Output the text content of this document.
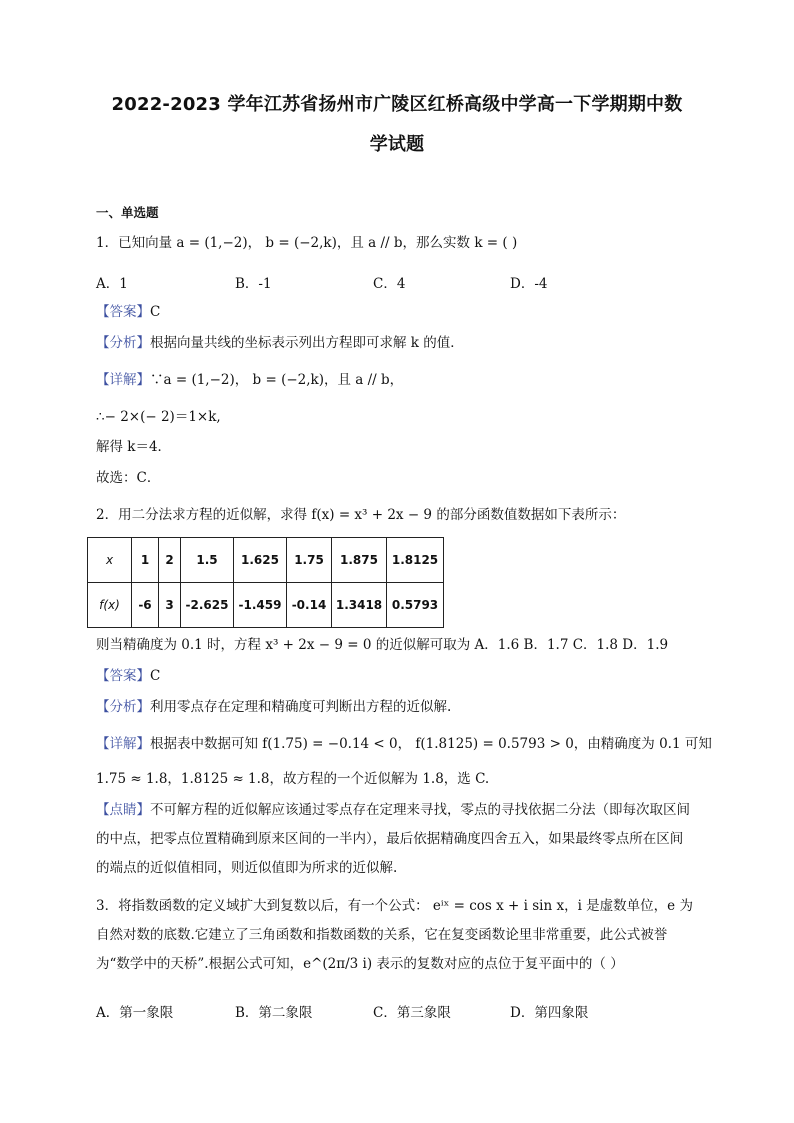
2022-2023 学年江苏省扬州市广陵区红桥高级中学高一下学期期中数
学试题
一、单选题
1．已知向量 a = (1,−2)， b = (−2,k)，且 a // b，那么实数 k = ( )
A．1	B．-1	C．4	D．-4
【答案】C
【分析】根据向量共线的坐标表示列出方程即可求解 k 的值．
【详解】∵a = (1,−2)， b = (−2,k)，且 a // b，
∴− 2×(− 2)＝1×k,
解得 k＝4．
故选：C．
2．用二分法求方程的近似解，求得 f(x) = x³ + 2x − 9 的部分函数值数据如下表所示：
x	1	2	1.5	1.625	1.75	1.875	1.8125
f(x)	-6	3	-2.625	-1.459	-0.14	1.3418	0.5793
则当精确度为 0.1 时，方程 x³ + 2x − 9 = 0 的近似解可取为 A．1.6 B．1.7 C．1.8 D．1.9
【答案】C
【分析】利用零点存在定理和精确度可判断出方程的近似解.
【详解】根据表中数据可知 f(1.75) = −0.14 < 0， f(1.8125) = 0.5793 > 0，由精确度为 0.1 可知
1.75 ≈ 1.8，1.8125 ≈ 1.8，故方程的一个近似解为 1.8，选 C.
【点睛】不可解方程的近似解应该通过零点存在定理来寻找，零点的寻找依据二分法（即每次取区间的中点，把零点位置精确到原来区间的一半内），最后依据精确度四舍五入，如果最终零点所在区间的端点的近似值相同，则近似值即为所求的近似解.
3．将指数函数的定义域扩大到复数以后，有一个公式： eⁱˣ = cos x + i sin x，i 是虚数单位，e 为自然对数的底数.它建立了三角函数和指数函数的关系，它在复变函数论里非常重要，此公式被誉为“数学中的天桥”.根据公式可知，e^(2π/3 i) 表示的复数对应的点位于复平面中的（ ）
A．第一象限	B．第二象限	C．第三象限	D．第四象限
